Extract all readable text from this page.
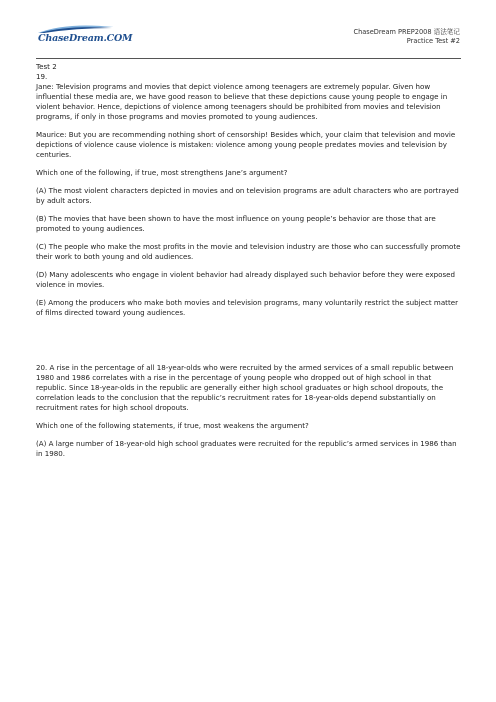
ChaseDream.COM
ChaseDream PREP2008 语法笔记
Practice Test #2

Test 2

19.

Jane: Television programs and movies that depict violence among teenagers are extremely popular. Given how influential these media are, we have good reason to believe that these depictions cause young people to engage in violent behavior. Hence, depictions of violence among teenagers should be prohibited from movies and television programs, if only in those programs and movies promoted to young audiences.

Maurice: But you are recommending nothing short of censorship! Besides which, your claim that television and movie depictions of violence cause violence is mistaken: violence among young people predates movies and television by centuries.

Which one of the following, if true, most strengthens Jane’s argument?

(A) The most violent characters depicted in movies and on television programs are adult characters who are portrayed by adult actors.

(B) The movies that have been shown to have the most influence on young people’s behavior are those that are promoted to young audiences.

(C) The people who make the most profits in the movie and television industry are those who can successfully promote their work to both young and old audiences.

(D) Many adolescents who engage in violent behavior had already displayed such behavior before they were exposed violence in movies.

(E) Among the producers who make both movies and television programs, many voluntarily restrict the subject matter of films directed toward young audiences.

20. A rise in the percentage of all 18-year-olds who were recruited by the armed services of a small republic between 1980 and 1986 correlates with a rise in the percentage of young people who dropped out of high school in that republic. Since 18-year-olds in the republic are generally either high school graduates or high school dropouts, the correlation leads to the conclusion that the republic’s recruitment rates for 18-year-olds depend substantially on recruitment rates for high school dropouts.

Which one of the following statements, if true, most weakens the argument?

(A) A large number of 18-year-old high school graduates were recruited for the republic’s armed services in 1986 than in 1980.
